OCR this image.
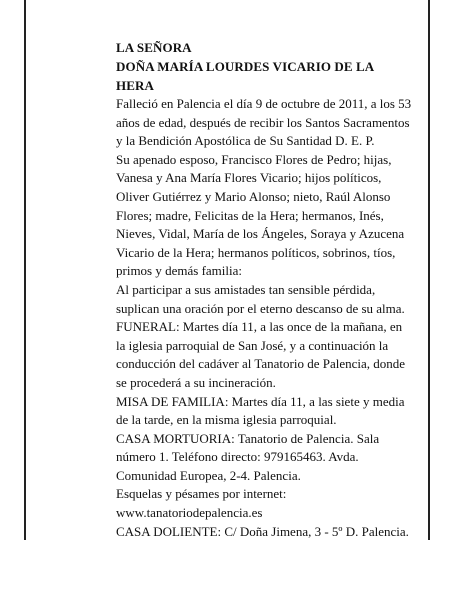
LA SEÑORA
DOÑA MARÍA LOURDES VICARIO DE LA HERA

Falleció en Palencia el día 9 de octubre de 2011, a los 53 años de edad, después de recibir los Santos Sacramentos y la Bendición Apostólica de Su Santidad D. E. P.

Su apenado esposo, Francisco Flores de Pedro; hijas, Vanesa y Ana María Flores Vicario; hijos políticos, Oliver Gutiérrez y Mario Alonso; nieto, Raúl Alonso Flores; madre, Felicitas de la Hera; hermanos, Inés, Nieves, Vidal, María de los Ángeles, Soraya y Azucena Vicario de la Hera; hermanos políticos, sobrinos, tíos, primos y demás familia:

Al participar a sus amistades tan sensible pérdida, suplican una oración por el eterno descanso de su alma.

FUNERAL: Martes día 11, a las once de la mañana, en la iglesia parroquial de San José, y a continuación la conducción del cadáver al Tanatorio de Palencia, donde se procederá a su incineración.

MISA DE FAMILIA: Martes día 11, a las siete y media de la tarde, en la misma iglesia parroquial.

CASA MORTUORIA: Tanatorio de Palencia. Sala número 1. Teléfono directo: 979165463. Avda. Comunidad Europea, 2-4. Palencia.

Esquelas y pésames por internet: www.tanatoriodepalencia.es

CASA DOLIENTE: C/ Doña Jimena, 3 - 5º D. Palencia.
